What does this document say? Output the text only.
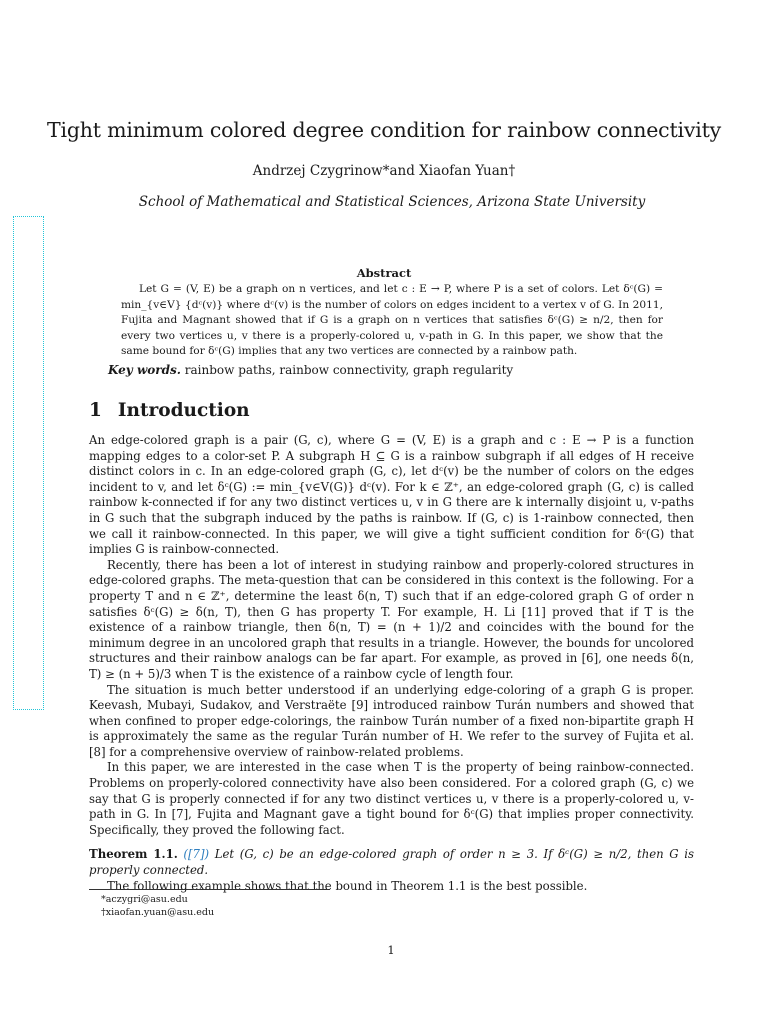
Tight minimum colored degree condition for rainbow connectivity
Andrzej Czygrinow*and Xiaofan Yuan†
School of Mathematical and Statistical Sciences, Arizona State University
Abstract
Let G = (V, E) be a graph on n vertices, and let c : E → P, where P is a set of colors. Let δᶜ(G) = min_{v∈V} {dᶜ(v)} where dᶜ(v) is the number of colors on edges incident to a vertex v of G. In 2011, Fujita and Magnant showed that if G is a graph on n vertices that satisfies δᶜ(G) ≥ n/2, then for every two vertices u, v there is a properly-colored u, v-path in G. In this paper, we show that the same bound for δᶜ(G) implies that any two vertices are connected by a rainbow path.
Key words. rainbow paths, rainbow connectivity, graph regularity
1 Introduction

An edge-colored graph is a pair (G, c), where G = (V, E) is a graph and c : E → P is a function mapping edges to a color-set P. A subgraph H ⊆ G is a rainbow subgraph if all edges of H receive distinct colors in c. In an edge-colored graph (G, c), let dᶜ(v) be the number of colors on the edges incident to v, and let δᶜ(G) := min_{v∈V(G)} dᶜ(v). For k ∈ ℤ⁺, an edge-colored graph (G, c) is called rainbow k-connected if for any two distinct vertices u, v in G there are k internally disjoint u, v-paths in G such that the subgraph induced by the paths is rainbow. If (G, c) is 1-rainbow connected, then we call it rainbow-connected. In this paper, we will give a tight sufficient condition for δᶜ(G) that implies G is rainbow-connected.

Recently, there has been a lot of interest in studying rainbow and properly-colored structures in edge-colored graphs. The meta-question that can be considered in this context is the following. For a property T and n ∈ ℤ⁺, determine the least δ(n, T) such that if an edge-colored graph G of order n satisfies δᶜ(G) ≥ δ(n, T), then G has property T. For example, H. Li [11] proved that if T is the existence of a rainbow triangle, then δ(n, T) = (n + 1)/2 and coincides with the bound for the minimum degree in an uncolored graph that results in a triangle. However, the bounds for uncolored structures and their rainbow analogs can be far apart. For example, as proved in [6], one needs δ(n, T) ≥ (n + 5)/3 when T is the existence of a rainbow cycle of length four.

The situation is much better understood if an underlying edge-coloring of a graph G is proper. Keevash, Mubayi, Sudakov, and Verstraëte [9] introduced rainbow Turán numbers and showed that when confined to proper edge-colorings, the rainbow Turán number of a fixed non-bipartite graph H is approximately the same as the regular Turán number of H. We refer to the survey of Fujita et al. [8] for a comprehensive overview of rainbow-related problems.

In this paper, we are interested in the case when T is the property of being rainbow-connected. Problems on properly-colored connectivity have also been considered. For a colored graph (G, c) we say that G is properly connected if for any two distinct vertices u, v there is a properly-colored u, v-path in G. In [7], Fujita and Magnant gave a tight bound for δᶜ(G) that implies proper connectivity. Specifically, they proved the following fact.

Theorem 1.1. ([7]) Let (G, c) be an edge-colored graph of order n ≥ 3. If δᶜ(G) ≥ n/2, then G is properly connected.

The following example shows that the bound in Theorem 1.1 is the best possible.

*aczygri@asu.edu
†xiaofan.yuan@asu.edu
1
